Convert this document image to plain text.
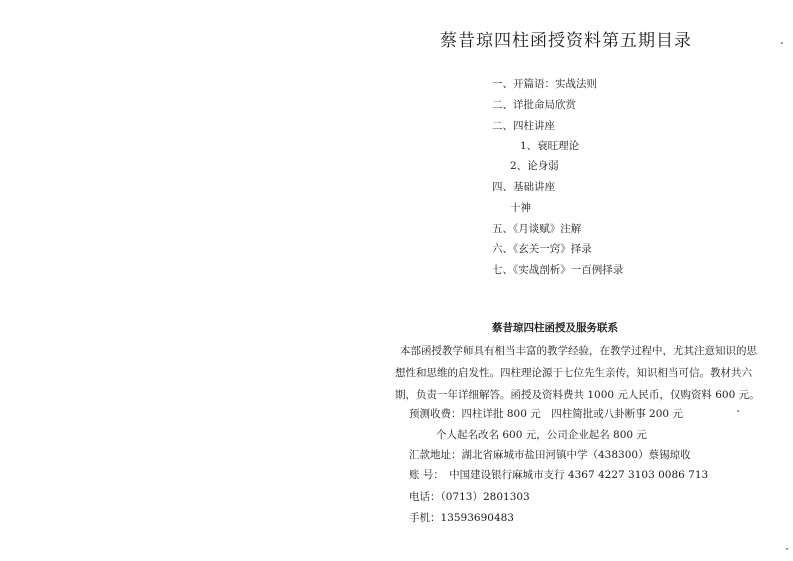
蔡昔琼四柱函授资料第五期目录
一、开篇语：实战法则
二、详批命局欣赏
二、四柱讲座
1、衰旺理论
2、论身弱
四、基础讲座
十神
五、《月谈赋》注解
六、《玄关一窍》择录
七、《实战剖析》一百例择录
蔡昔琼四柱函授及服务联系
本部函授教学师具有相当丰富的教学经验，在教学过程中，尤其注意知识的思
想性和思维的启发性。四柱理论源于七位先生亲传，知识相当可信。教材共六
期，负责一年详细解答。函授及资料费共 1000 元人民币，仅购资料 600 元。
预测收费：四柱详批 800 元　四柱简批或八卦断事 200 元
个人起名改名 600 元，公司企业起名 800 元
汇款地址：湖北省麻城市盐田河镇中学（438300）蔡锡琼收
账 号：　中国建设银行麻城市支行 4367 4227 3103 0086 713
电话：（0713）2801303
手机：13593690483
